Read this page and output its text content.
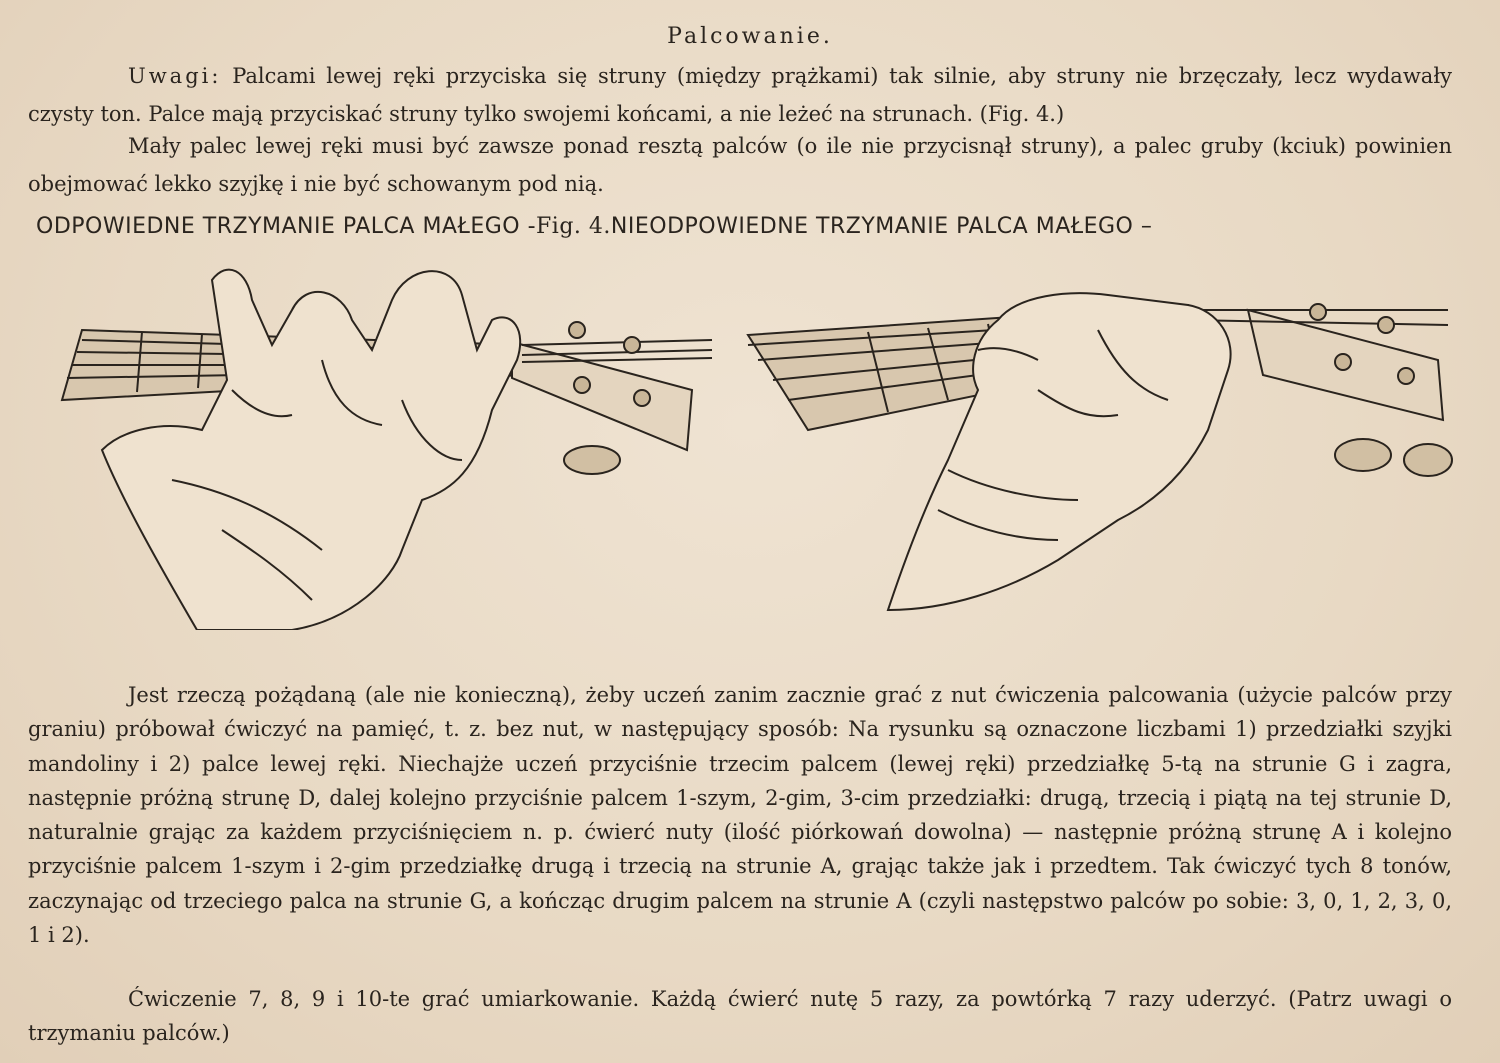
Palcowanie.
Uwagi: Palcami lewej ręki przyciska się struny (między prążkami) tak silnie, aby struny nie brzęczały, lecz wydawały czysty ton. Palce mają przyciskać struny tylko swojemi końcami, a nie leżeć na strunach. (Fig. 4.)
Mały palec lewej ręki musi być zawsze ponad resztą palców (o ile nie przycisnął struny), a palec gruby (kciuk) powinien obejmować lekko szyjkę i nie być schowanym pod nią.
ODPOWIEDNE TRZYMANIE PALCA MAŁEGO -Fig. 4.NIEODPOWIEDNE TRZYMANIE PALCA MAŁEGO –
Jest rzeczą pożądaną (ale nie konieczną), żeby uczeń zanim zacznie grać z nut ćwiczenia palcowania (użycie palców przy graniu) próbował ćwiczyć na pamięć, t. z. bez nut, w następujący sposób: Na rysunku są oznaczone liczbami 1) przedziałki szyjki mandoliny i 2) palce lewej ręki. Niechajże uczeń przyciśnie trzecim palcem (lewej ręki) przedziałkę 5-tą na strunie G i zagra, następnie próżną strunę D, dalej kolejno przyciśnie palcem 1-szym, 2-gim, 3-cim przedziałki: drugą, trzecią i piątą na tej strunie D, naturalnie grając za każdem przyciśnięciem n. p. ćwierć nuty (ilość piórkowań dowolna) — następnie próżną strunę A i kolejno przyciśnie palcem 1-szym i 2-gim przedziałkę drugą i trzecią na strunie A, grając także jak i przedtem. Tak ćwiczyć tych 8 tonów, zaczynając od trzeciego palca na strunie G, a kończąc drugim palcem na strunie A (czyli następstwo palców po sobie: 3, 0, 1, 2, 3, 0, 1 i 2).
Ćwiczenie 7, 8, 9 i 10-te grać umiarkowanie. Każdą ćwierć nutę 5 razy, za powtórką 7 razy uderzyć. (Patrz uwagi o trzymaniu palców.)
